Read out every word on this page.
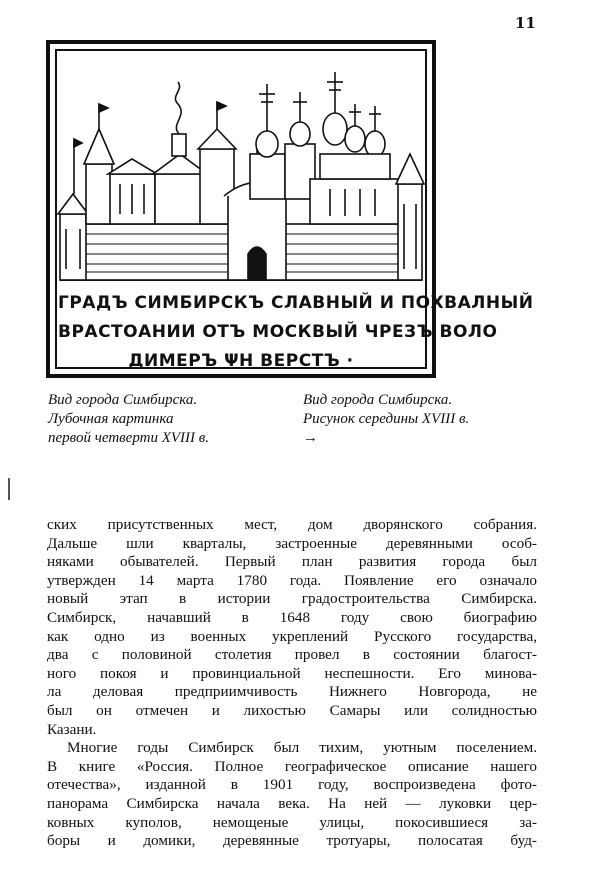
11
ГРАДЪ СИМБИРСКЪ СЛАВНЫЙ И ПОХВАЛНЫЙ
ВРАСТОАНИИ ОТЪ МОСКВЫЙ ЧРЕЗЪ ВОЛО
ДИМЕРЪ ΨН ВЕРСТЪ ·
Вид города Симбирска.
Лубочная картинка
первой четверти XVIII в.
Вид города Симбирска.
Рисунок середины XVIII в.
→
ских присутственных мест, дом дворянского собрания.
Дальше шли кварталы, застроенные деревянными особ-
няками обывателей. Первый план развития города был
утвержден 14 марта 1780 года. Появление его означало
новый этап в истории градостроительства Симбирска.
Симбирск, начавший в 1648 году свою биографию
как одно из военных укреплений Русского государства,
два с половиной столетия провел в состоянии благост-
ного покоя и провинциальной неспешности. Его минова-
ла деловая предприимчивость Нижнего Новгорода, не
был он отмечен и лихостью Самары или солидностью
Казани.
Многие годы Симбирск был тихим, уютным поселением.
В книге «Россия. Полное географическое описание нашего
отечества», изданной в 1901 году, воспроизведена фото-
панорама Симбирска начала века. На ней — луковки цер-
ковных куполов, немощеные улицы, покосившиеся за-
боры и домики, деревянные тротуары, полосатая буд-
